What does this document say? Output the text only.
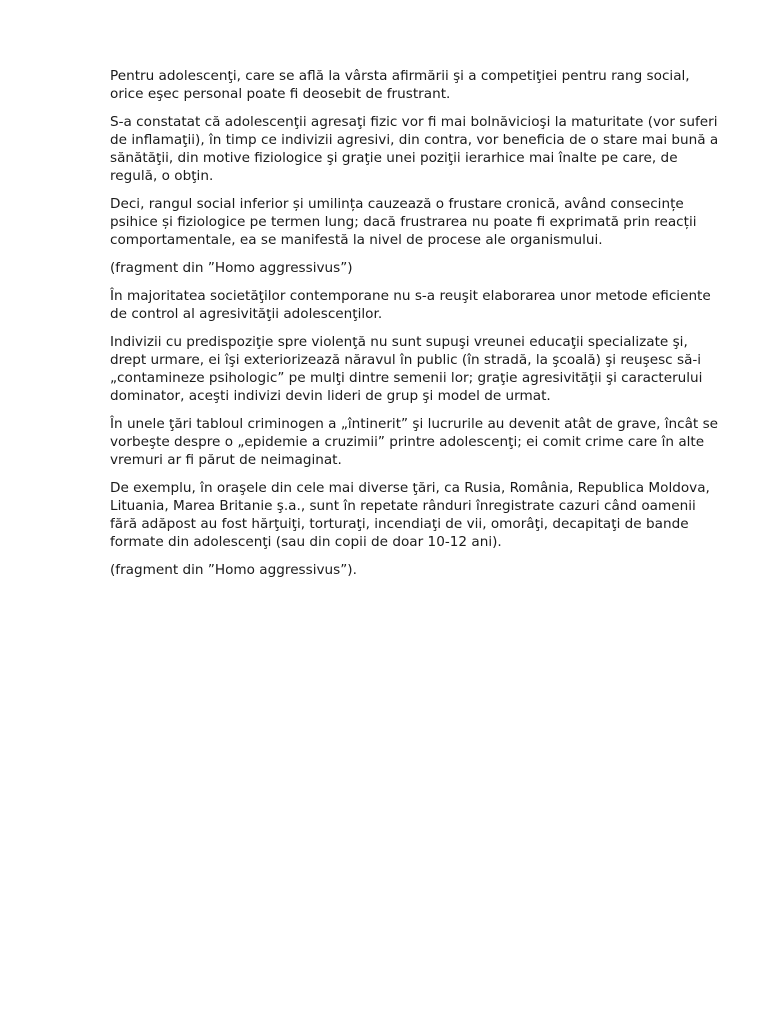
Pentru adolescenţi, care se află la vârsta afirmării şi a competiţiei pentru rang social, orice eşec personal poate fi deosebit de frustrant.

S-a constatat că adolescenţii agresaţi fizic vor fi mai bolnăvicioşi la maturitate (vor suferi de inflamaţii), în timp ce indivizii agresivi, din contra, vor beneficia de o stare mai bună a sănătăţii, din motive fiziologice şi graţie unei poziţii ierarhice mai înalte pe care, de regulă, o obţin.

Deci, rangul social inferior și umilința cauzează o frustare cronică, având consecințe psihice și fiziologice pe termen lung; dacă frustrarea nu poate fi exprimată prin reacții comportamentale, ea se manifestă la nivel de procese ale organismului.

(fragment din ”Homo aggressivus”)

În majoritatea societăţilor contemporane nu s-a reuşit elaborarea unor metode eficiente de control al agresivităţii adolescenţilor.

Indivizii cu predispoziţie spre violenţă nu sunt supuşi vreunei educaţii specializate şi, drept urmare, ei îşi exteriorizează năravul în public (în stradă, la şcoală) şi reuşesc să-i „contamineze psihologic” pe mulţi dintre semenii lor; graţie agresivităţii şi caracterului dominator, aceşti indivizi devin lideri de grup şi model de urmat.

În unele ţări tabloul criminogen a „întinerit” şi lucrurile au devenit atât de grave, încât se vorbeşte despre o „epidemie a cruzimii” printre adolescenţi; ei comit crime care în alte vremuri ar fi părut de neimaginat.

De exemplu, în oraşele din cele mai diverse ţări, ca Rusia, România, Republica Moldova, Lituania, Marea Britanie ş.a., sunt în repetate rânduri înregistrate cazuri când oamenii fără adăpost au fost hărţuiţi, torturaţi, incendiaţi de vii, omorâţi, decapitaţi de bande formate din adolescenţi (sau din copii de doar 10-12 ani).

(fragment din ”Homo aggressivus”).
